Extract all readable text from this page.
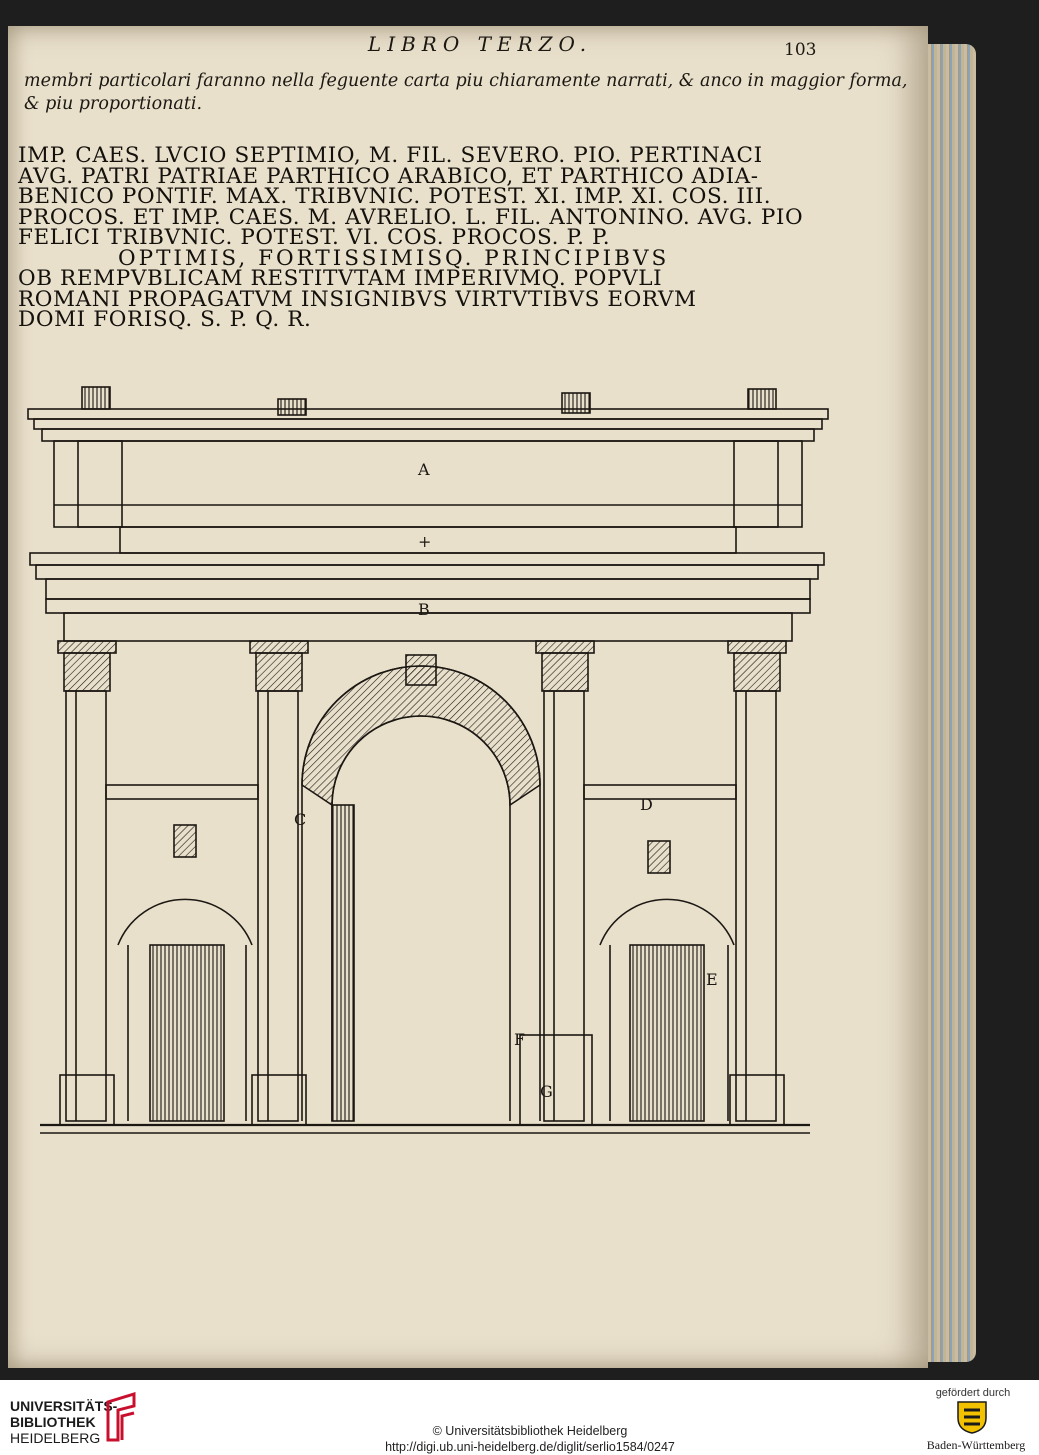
LIBRO TERZO.	103
membri particolari faranno nella feguente carta piu chiaramente narrati, & anco in maggior forma,
& piu proportionati.
IMP. CAES. LVCIO SEPTIMIO, M. FIL. SEVERO. PIO. PERTINACI
AVG. PATRI PATRIAE PARTHICO ARABICO, ET PARTHICO ADIA-
BENICO PONTIF. MAX. TRIBVNIC. POTEST. XI. IMP. XI. COS. III.
PROCOS. ET IMP. CAES. M. AVRELIO. L. FIL. ANTONINO. AVG. PIO
FELICI TRIBVNIC. POTEST. VI. COS. PROCOS. P. P.
OPTIMIS, FORTISSIMISQ. PRINCIPIBVS
OB REMPVBLICAM RESTITVTAM IMPERIVMQ. POPVLI
ROMANI PROPAGATVM INSIGNIBVS VIRTVTIBVS EORVM
DOMI FORISQ. S. P. Q. R.
A
+
B
C
D
E
F
G
UNIVERSITÄTS-
BIBLIOTHEK
HEIDELBERG	© Universitätsbibliothek Heidelberg
http://digi.ub.uni-heidelberg.de/diglit/serlio1584/0247
gefördert durch
Baden-Württemberg
